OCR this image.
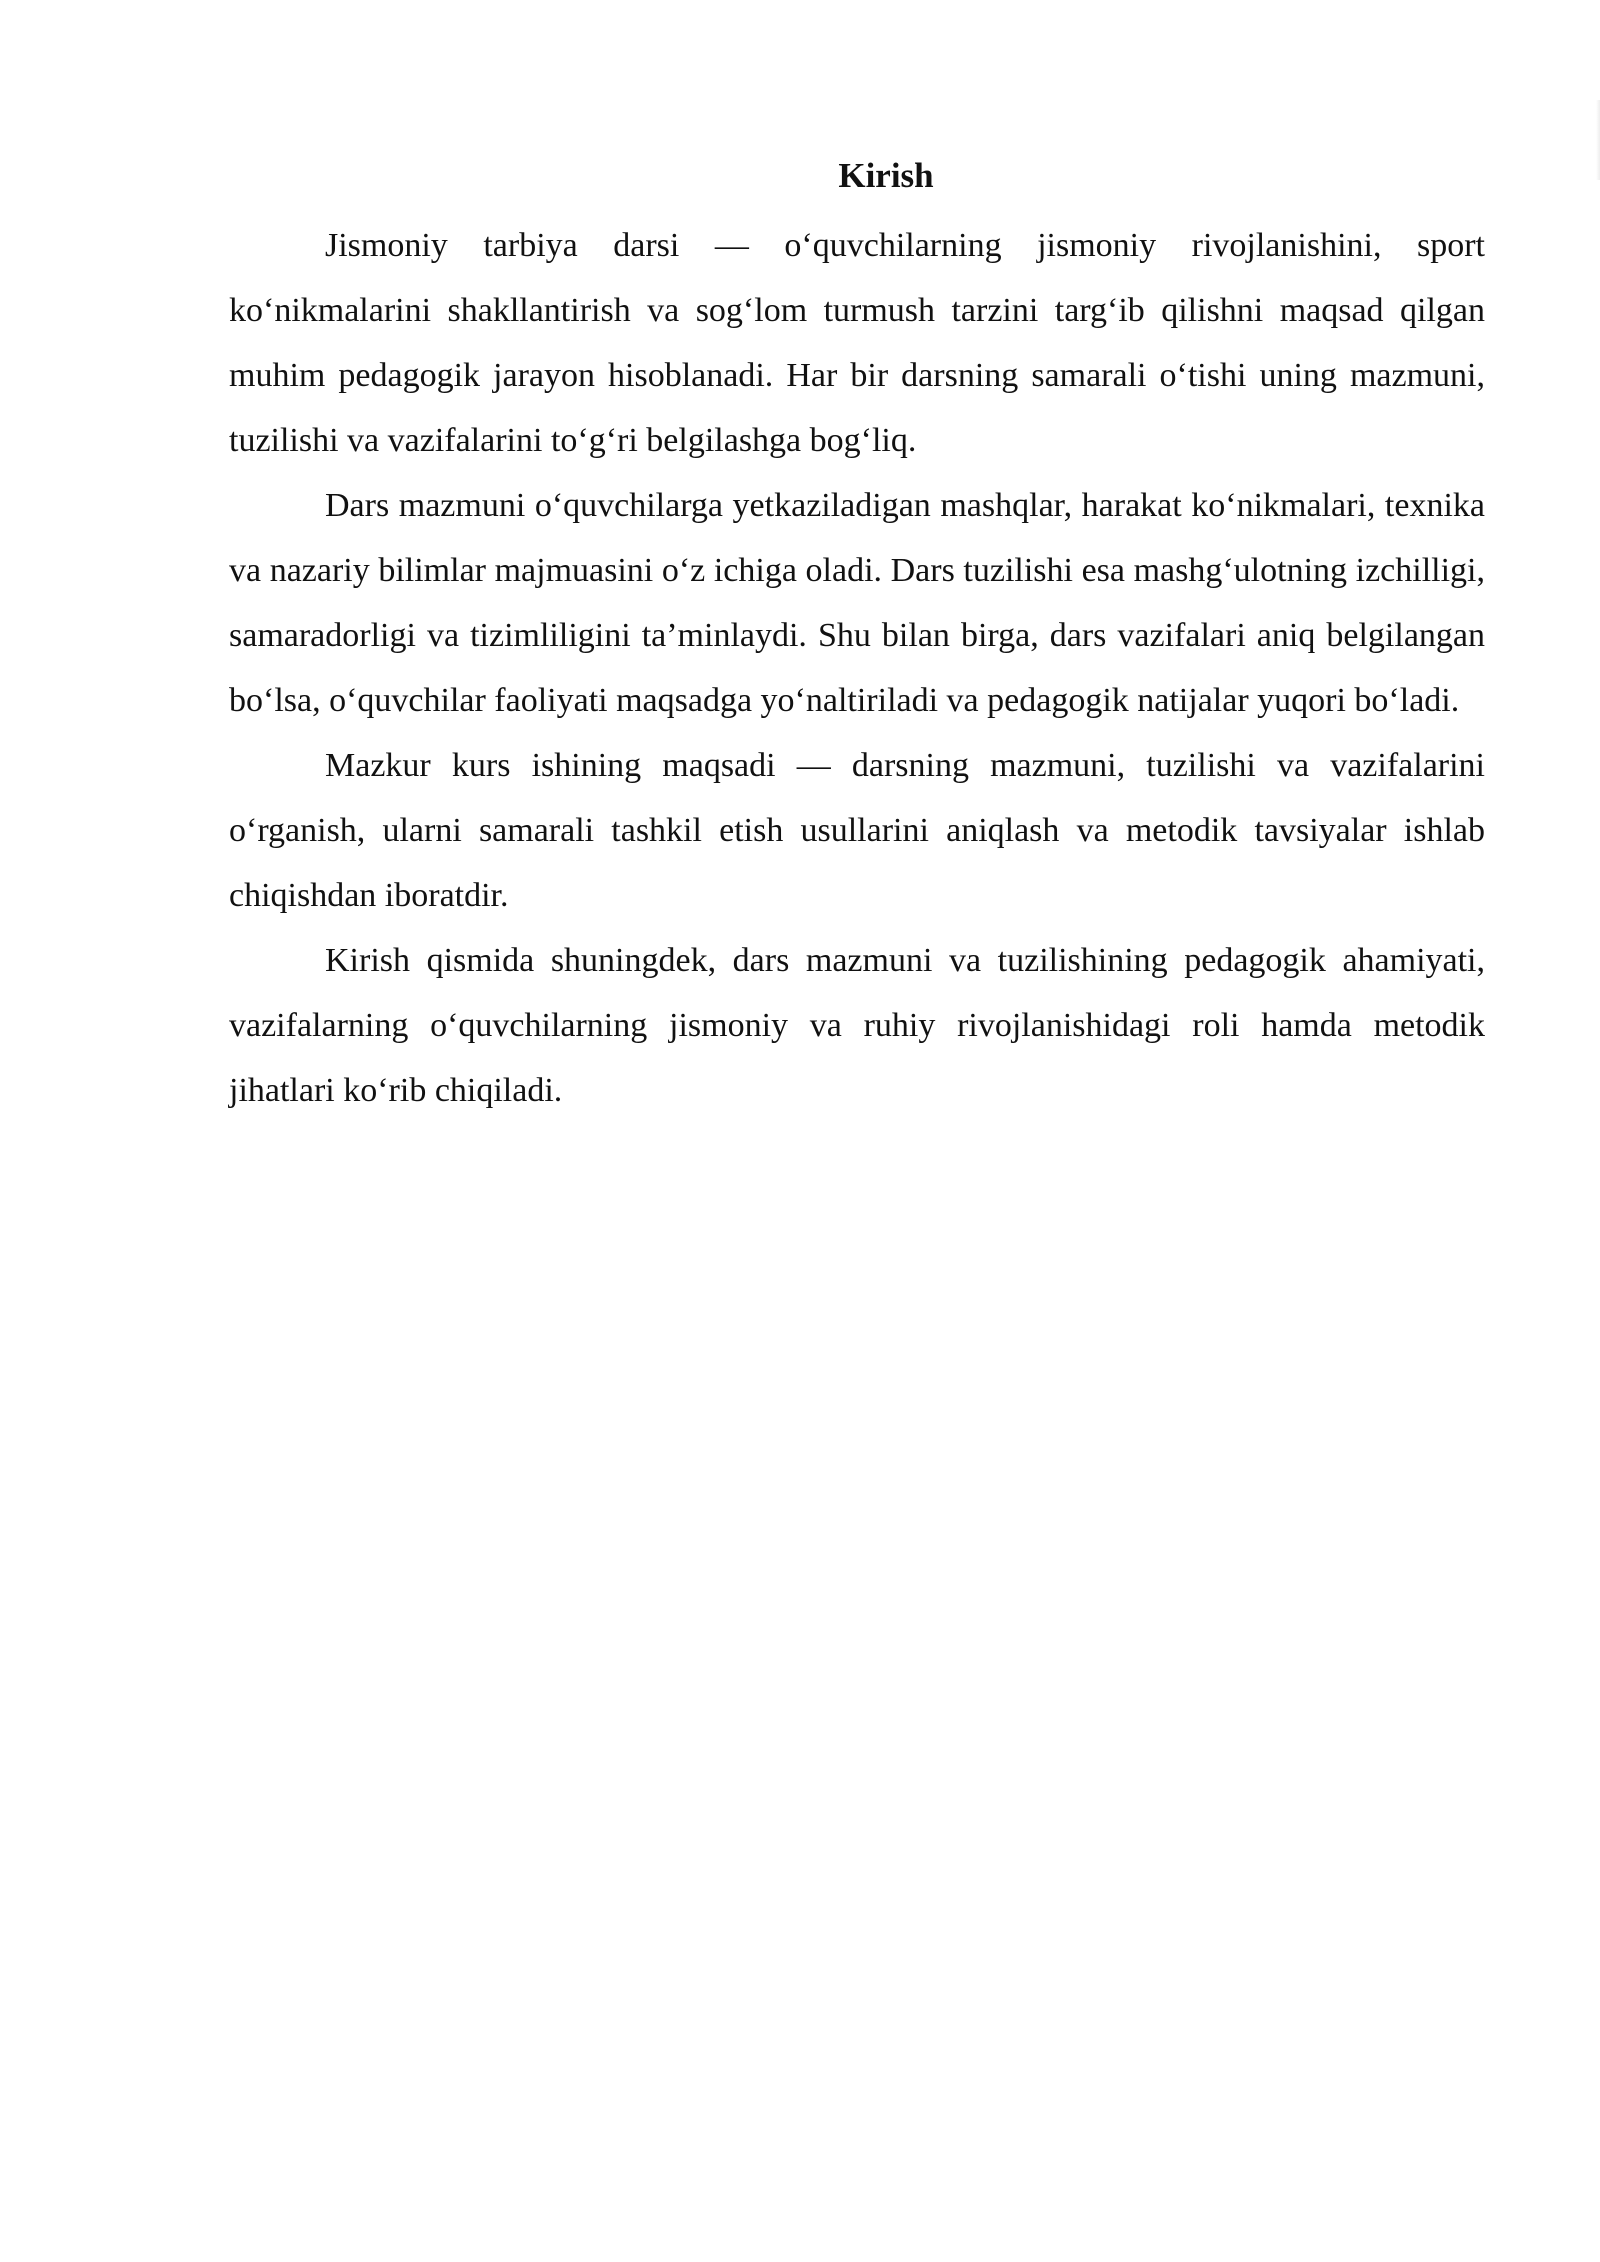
Kirish

Jismoniy tarbiya darsi — o‘quvchilarning jismoniy rivojlanishini, sport ko‘nikmalarini shakllantirish va sog‘lom turmush tarzini targ‘ib qilishni maqsad qilgan muhim pedagogik jarayon hisoblanadi. Har bir darsning samarali o‘tishi uning mazmuni, tuzilishi va vazifalarini to‘g‘ri belgilashga bog‘liq.

Dars mazmuni o‘quvchilarga yetkaziladigan mashqlar, harakat ko‘nikmalari, texnika va nazariy bilimlar majmuasini o‘z ichiga oladi. Dars tuzilishi esa mashg‘ulotning izchilligi, samaradorligi va tizimliligini ta’minlaydi. Shu bilan birga, dars vazifalari aniq belgilangan bo‘lsa, o‘quvchilar faoliyati maqsadga yo‘naltiriladi va pedagogik natijalar yuqori bo‘ladi.

Mazkur kurs ishining maqsadi — darsning mazmuni, tuzilishi va vazifalarini o‘rganish, ularni samarali tashkil etish usullarini aniqlash va metodik tavsiyalar ishlab chiqishdan iboratdir.

Kirish qismida shuningdek, dars mazmuni va tuzilishining pedagogik ahamiyati, vazifalarning o‘quvchilarning jismoniy va ruhiy rivojlanishidagi roli hamda metodik jihatlari ko‘rib chiqiladi.
